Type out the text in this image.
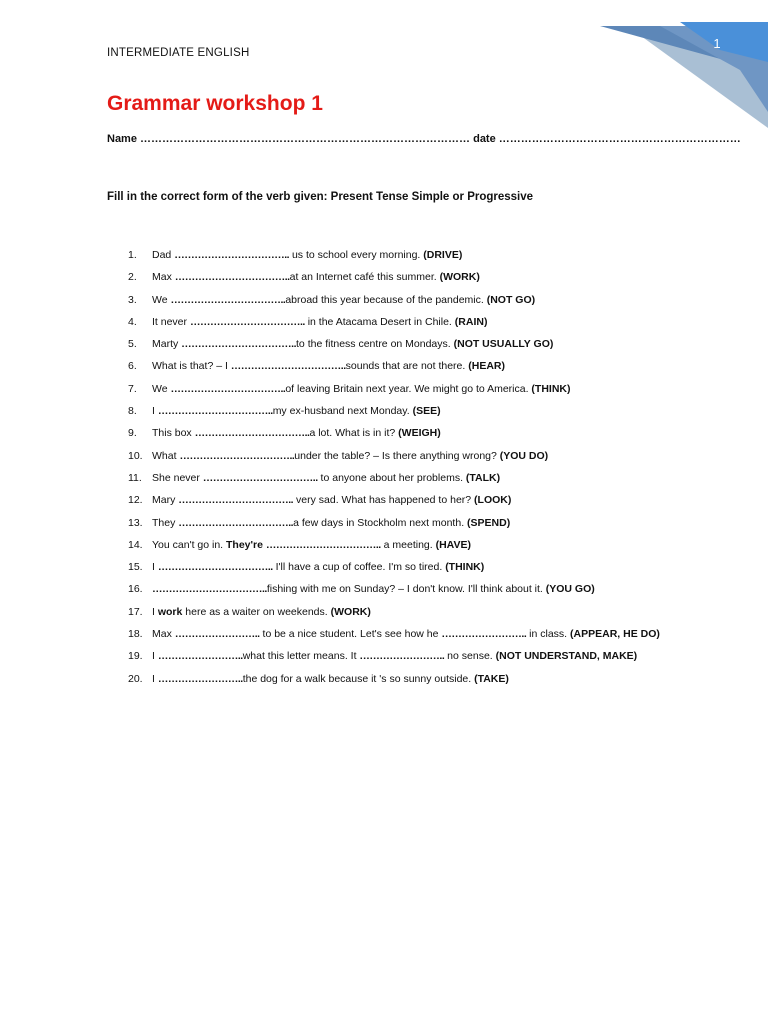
1
INTERMEDIATE ENGLISH
Grammar workshop 1
Name ……………………………………………………………………………… date …………………………………………………………
Fill in the correct form of the verb given: Present Tense Simple or Progressive
1.	Dad …………………………….. us to school every morning. (DRIVE)
2.	Max ……………………………..at an Internet café this summer. (WORK)
3.	We ……………………………..abroad this year because of the pandemic. (NOT GO)
4.	It never …………………………….. in the Atacama Desert in Chile. (RAIN)
5.	Marty ……………………………..to the fitness centre on Mondays. (NOT USUALLY GO)
6.	What is that? – I ……………………………..sounds that are not there. (HEAR)
7.	We ……………………………..of leaving Britain next year. We might go to America. (THINK)
8.	I ……………………………..my ex-husband next Monday. (SEE)
9.	This box ……………………………..a lot. What is in it? (WEIGH)
10. What ……………………………..under the table? – Is there anything wrong? (YOU DO)
11. She never …………………………….. to anyone about her problems. (TALK)
12. Mary …………………………….. very sad. What has happened to her? (LOOK)
13. They ……………………………..a few days in Stockholm next month. (SPEND)
14. You can't go in. They're …………………………….. a meeting. (HAVE)
15. I …………………………….. I'll have a cup of coffee. I'm so tired. (THINK)
16. ……………………………..fishing with me on Sunday? – I don't know. I'll think about it. (YOU GO)
17. I work here as a waiter on weekends. (WORK)
18. Max …………………….. to be a nice student. Let's see how he …………………….. in class. (APPEAR, HE DO)
19. I ……………………..what this letter means. It …………………….. no sense. (NOT UNDERSTAND, MAKE)
20. I ……………………..the dog for a walk because it 's so sunny outside. (TAKE)
